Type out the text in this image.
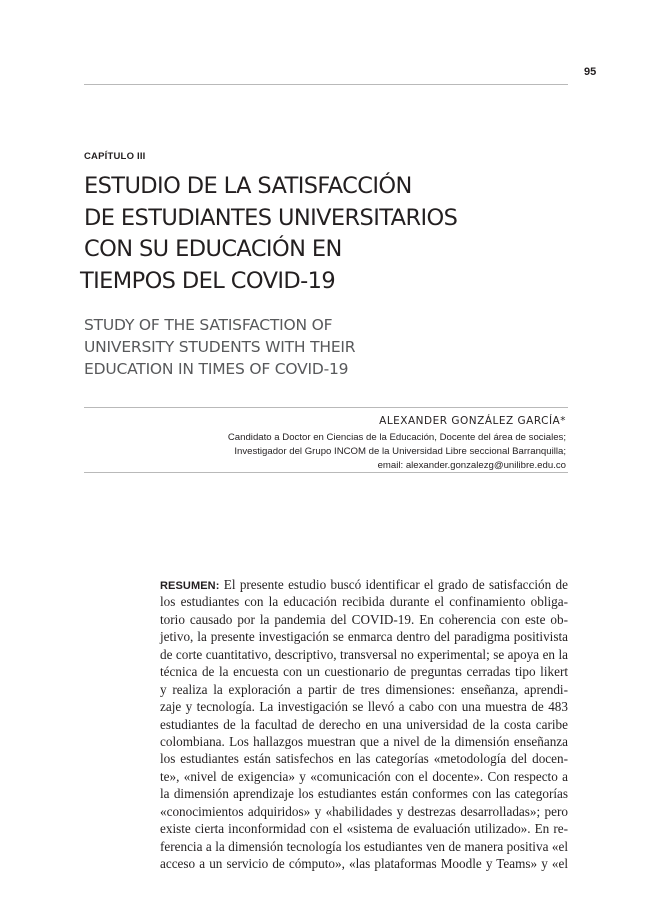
95
CAPÍTULO III
ESTUDIO DE LA SATISFACCIÓN
DE ESTUDIANTES UNIVERSITARIOS
CON SU EDUCACIÓN EN
TIEMPOS DEL COVID-19
STUDY OF THE SATISFACTION OF
UNIVERSITY STUDENTS WITH THEIR
EDUCATION IN TIMES OF COVID-19
ALEXANDER GONZÁLEZ GARCÍA*
Candidato a Doctor en Ciencias de la Educación, Docente del área de sociales;
Investigador del Grupo INCOM de la Universidad Libre seccional Barranquilla;
email: alexander.gonzalezg@unilibre.edu.co
RESUMEN: El presente estudio buscó identificar el grado de satisfacción de
los estudiantes con la educación recibida durante el confinamiento obliga-
torio causado por la pandemia del COVID-19. En coherencia con este ob-
jetivo, la presente investigación se enmarca dentro del paradigma positivista
de corte cuantitativo, descriptivo, transversal no experimental; se apoya en la
técnica de la encuesta con un cuestionario de preguntas cerradas tipo likert
y realiza la exploración a partir de tres dimensiones: enseñanza, aprendi-
zaje y tecnología. La investigación se llevó a cabo con una muestra de 483
estudiantes de la facultad de derecho en una universidad de la costa caribe
colombiana. Los hallazgos muestran que a nivel de la dimensión enseñanza
los estudiantes están satisfechos en las categorías «metodología del docen-
te», «nivel de exigencia» y «comunicación con el docente». Con respecto a
la dimensión aprendizaje los estudiantes están conformes con las categorías
«conocimientos adquiridos» y «habilidades y destrezas desarrolladas»; pero
existe cierta inconformidad con el «sistema de evaluación utilizado». En re-
ferencia a la dimensión tecnología los estudiantes ven de manera positiva «el
acceso a un servicio de cómputo», «las plataformas Moodle y Teams» y «el
